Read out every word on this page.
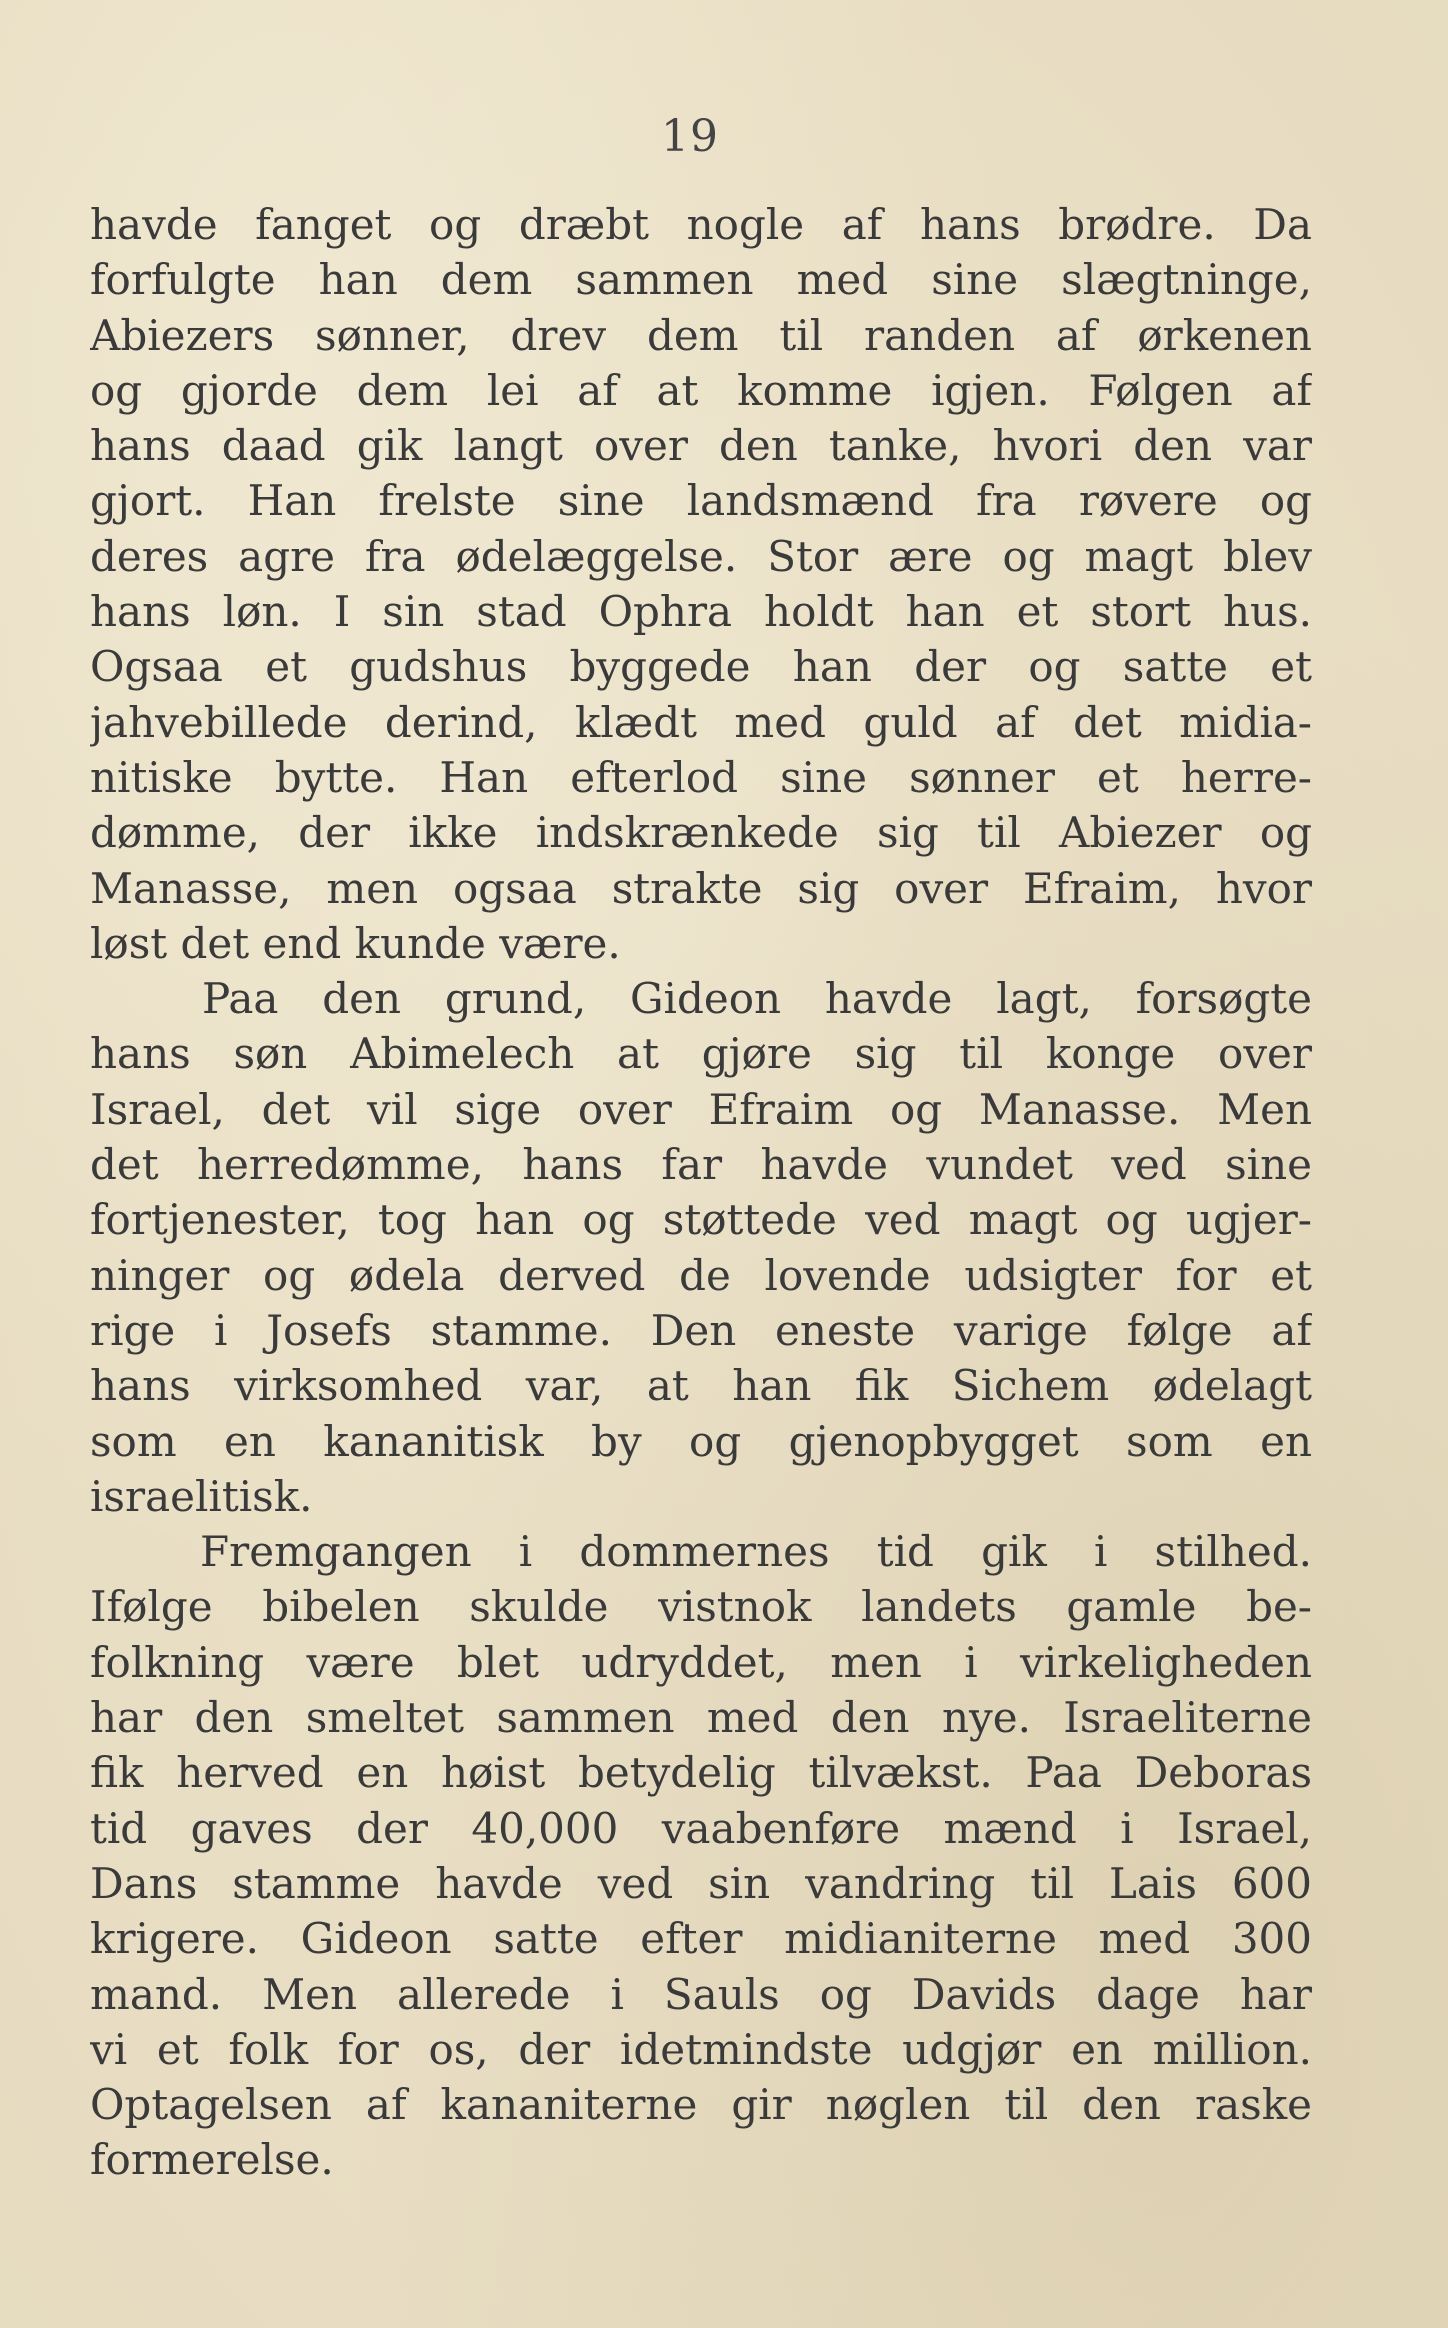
19
havde fanget og dræbt nogle af hans brødre. Da
forfulgte han dem sammen med sine slægtninge,
Abiezers sønner, drev dem til randen af ørkenen
og gjorde dem lei af at komme igjen. Følgen af
hans daad gik langt over den tanke, hvori den var
gjort. Han frelste sine landsmænd fra røvere og
deres agre fra ødelæggelse. Stor ære og magt blev
hans løn. I sin stad Ophra holdt han et stort hus.
Ogsaa et gudshus byggede han der og satte et
jahvebillede derind, klædt med guld af det midia-
nitiske bytte. Han efterlod sine sønner et herre-
dømme, der ikke indskrænkede sig til Abiezer og
Manasse, men ogsaa strakte sig over Efraim, hvor
løst det end kunde være.
Paa den grund, Gideon havde lagt, forsøgte
hans søn Abimelech at gjøre sig til konge over
Israel, det vil sige over Efraim og Manasse. Men
det herredømme, hans far havde vundet ved sine
fortjenester, tog han og støttede ved magt og ugjer-
ninger og ødela derved de lovende udsigter for et
rige i Josefs stamme. Den eneste varige følge af
hans virksomhed var, at han fik Sichem ødelagt
som en kananitisk by og gjenopbygget som en
israelitisk.
Fremgangen i dommernes tid gik i stilhed.
Ifølge bibelen skulde vistnok landets gamle be-
folkning være blet udryddet, men i virkeligheden
har den smeltet sammen med den nye. Israeliterne
fik herved en høist betydelig tilvækst. Paa Deboras
tid gaves der 40,000 vaabenføre mænd i Israel,
Dans stamme havde ved sin vandring til Lais 600
krigere. Gideon satte efter midianiterne med 300
mand. Men allerede i Sauls og Davids dage har
vi et folk for os, der idetmindste udgjør en million.
Optagelsen af kananiterne gir nøglen til den raske
formerelse.
